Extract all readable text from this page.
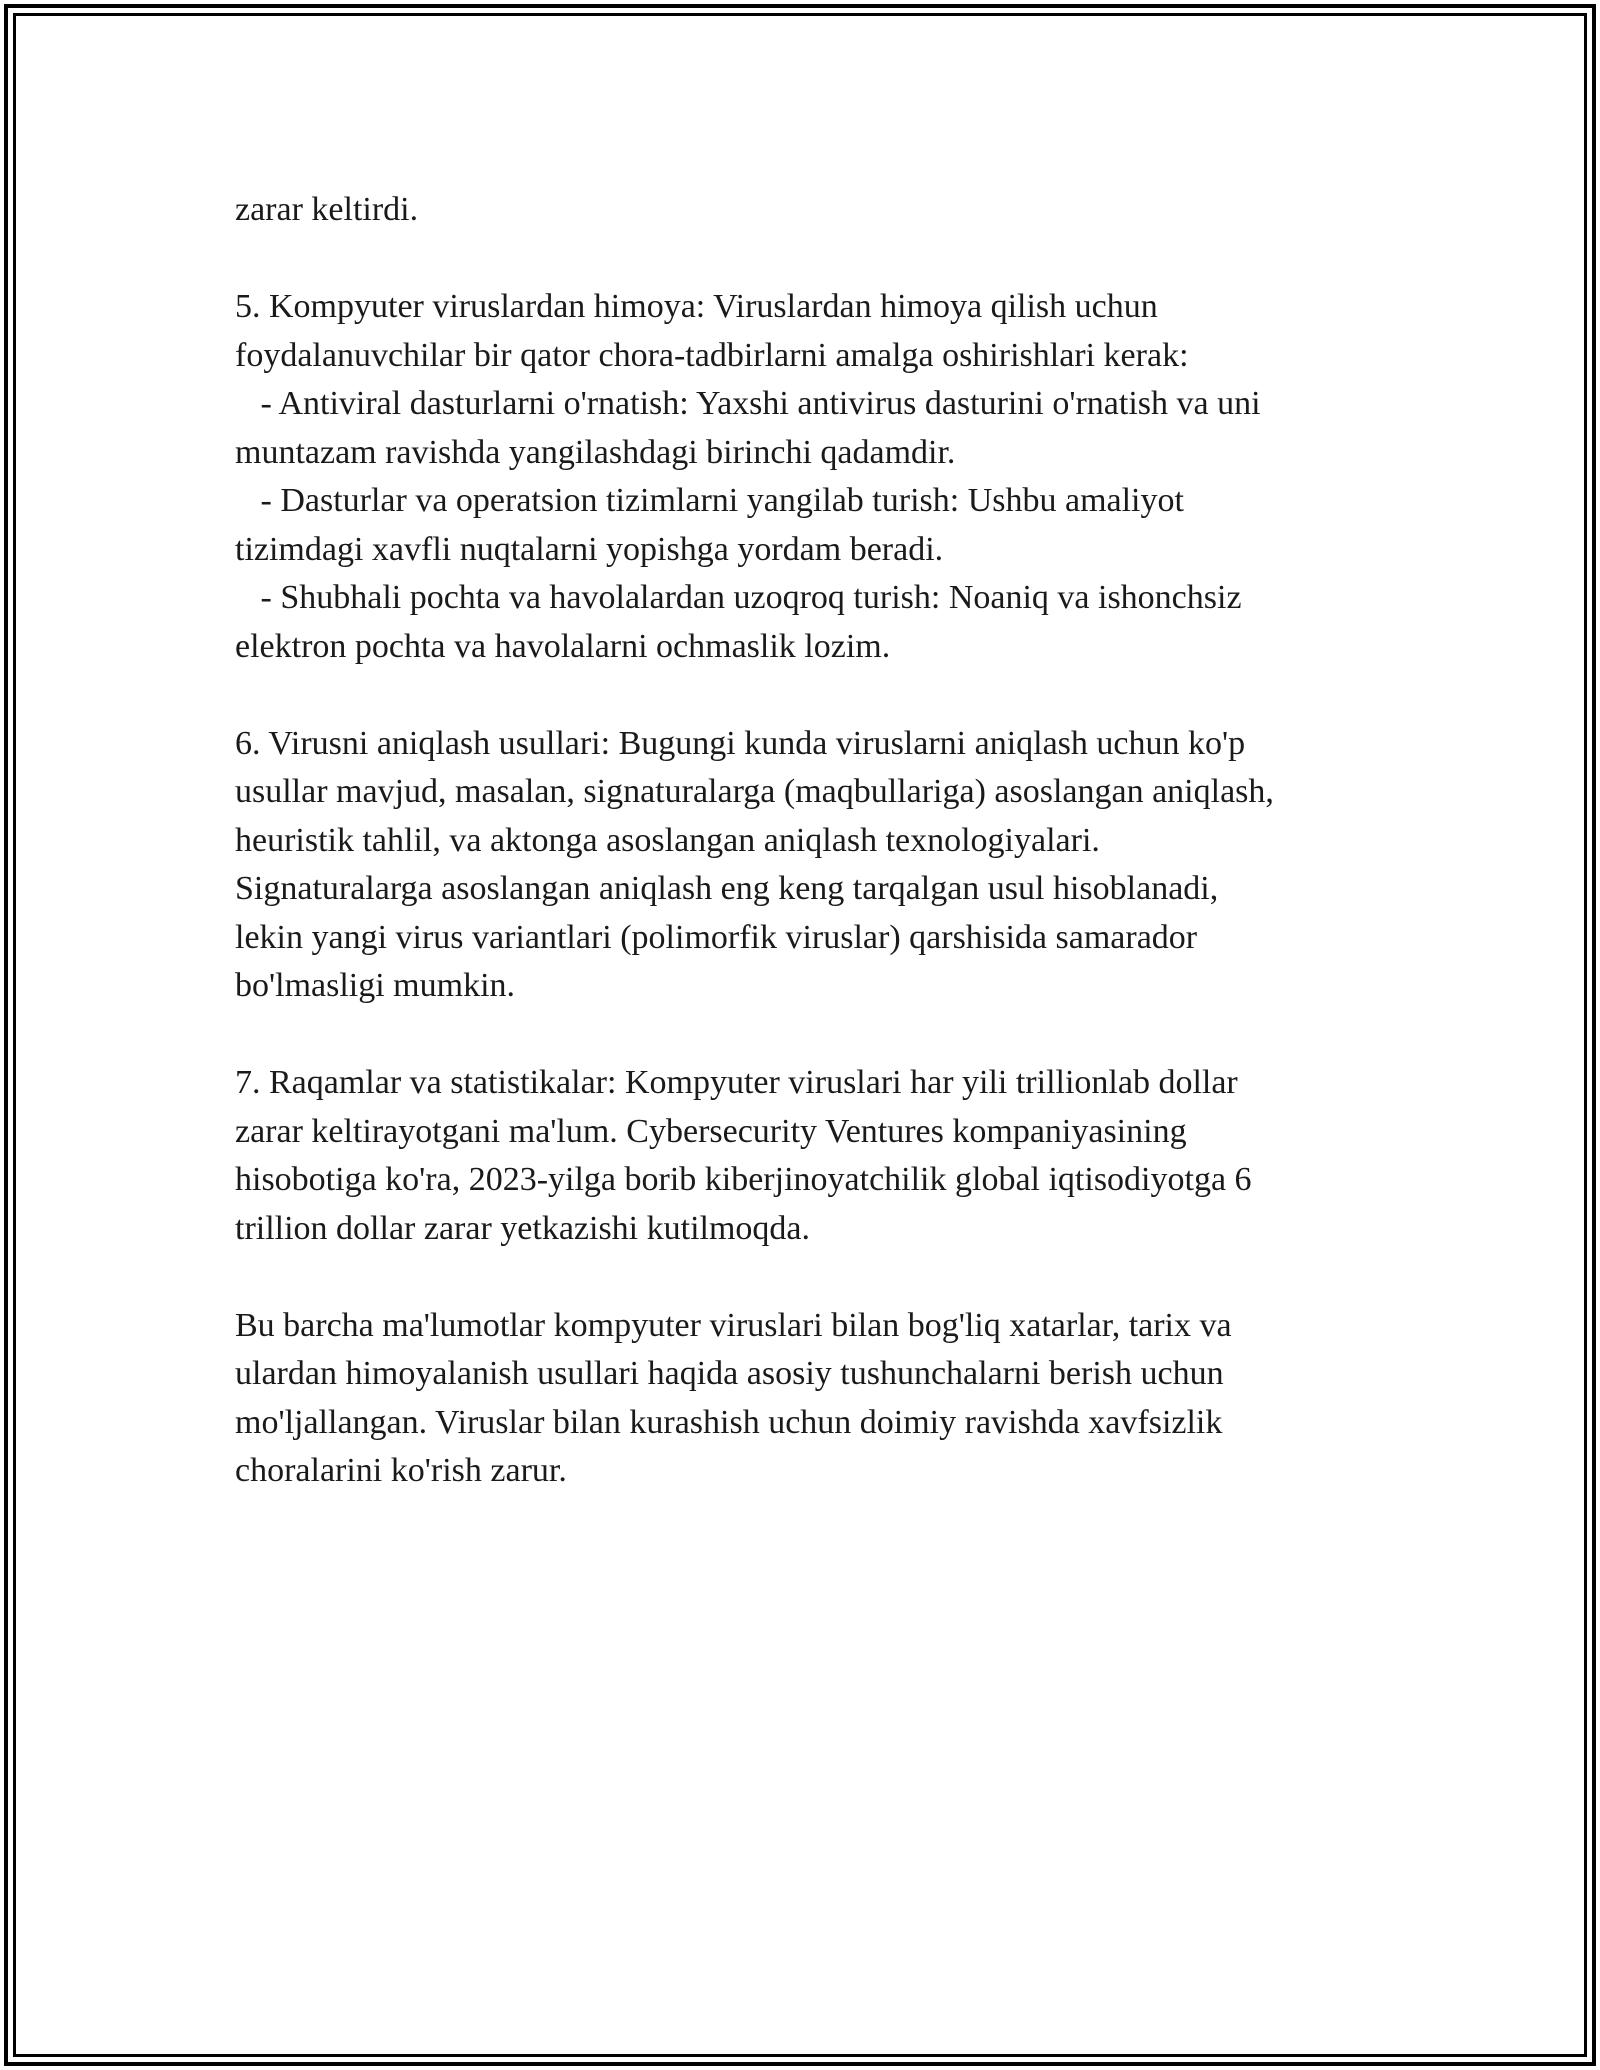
zarar keltirdi.

5. Kompyuter viruslardan himoya: Viruslardan himoya qilish uchun

foydalanuvchilar bir qator chora-tadbirlarni amalga oshirishlari kerak:

- Antiviral dasturlarni o'rnatish: Yaxshi antivirus dasturini o'rnatish va uni

muntazam ravishda yangilashdagi birinchi qadamdir.

- Dasturlar va operatsion tizimlarni yangilab turish: Ushbu amaliyot

tizimdagi xavfli nuqtalarni yopishga yordam beradi.

- Shubhali pochta va havolalardan uzoqroq turish: Noaniq va ishonchsiz

elektron pochta va havolalarni ochmaslik lozim.

6. Virusni aniqlash usullari: Bugungi kunda viruslarni aniqlash uchun ko'p

usullar mavjud, masalan, signaturalarga (maqbullariga) asoslangan aniqlash,

heuristik tahlil, va aktonga asoslangan aniqlash texnologiyalari.

Signaturalarga asoslangan aniqlash eng keng tarqalgan usul hisoblanadi,

lekin yangi virus variantlari (polimorfik viruslar) qarshisida samarador

bo'lmasligi mumkin.

7. Raqamlar va statistikalar: Kompyuter viruslari har yili trillionlab dollar

zarar keltirayotgani ma'lum. Cybersecurity Ventures kompaniyasining

hisobotiga ko'ra, 2023-yilga borib kiberjinoyatchilik global iqtisodiyotga 6

trillion dollar zarar yetkazishi kutilmoqda.

Bu barcha ma'lumotlar kompyuter viruslari bilan bog'liq xatarlar, tarix va

ulardan himoyalanish usullari haqida asosiy tushunchalarni berish uchun

mo'ljallangan. Viruslar bilan kurashish uchun doimiy ravishda xavfsizlik

choralarini ko'rish zarur.
